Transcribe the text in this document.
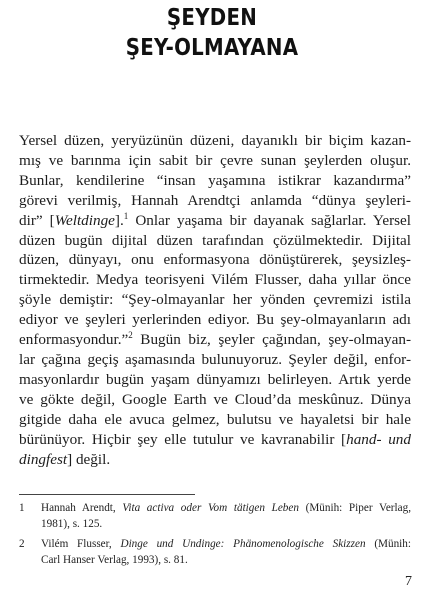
ŞEYDEN
ŞEY-OLMAYANA
Yersel düzen, yeryüzünün düzeni, dayanıklı bir biçim kazan-
mış ve barınma için sabit bir çevre sunan şeylerden oluşur.
Bunlar, kendilerine “insan yaşamına istikrar kazandırma”
görevi verilmiş, Hannah Arendtçi anlamda “dünya şeyleri-
dir” [Weltdinge].$^1$ Onlar yaşama bir dayanak sağlarlar. Yersel
düzen bugün dijital düzen tarafından çözülmektedir. Dijital
düzen, dünyayı, onu enformasyona dönüştürerek, şeysizleş-
tirmektedir. Medya teorisyeni Vilém Flusser, daha yıllar önce
şöyle demiştir: “Şey-olmayanlar her yönden çevremizi istila
ediyor ve şeyleri yerlerinden ediyor. Bu şey-olmayanların adı
enformasyondur.”$^2$ Bugün biz, şeyler çağından, şey-olmayan-
lar çağına geçiş aşamasında bulunuyoruz. Şeyler değil, enfor-
masyonlardır bugün yaşam dünyamızı belirleyen. Artık yerde
ve gökte değil, Google Earth ve Cloud’da meskûnuz. Dünya
gitgide daha ele avuca gelmez, bulutsu ve hayaletsi bir hale
bürünüyor. Hiçbir şey elle tutulur ve kavranabilir [hand- und
dingfest] değil.
1 Hannah Arendt, Vita activa oder Vom tätigen Leben (Münih: Piper Verlag,
1981), s. 125.
2 Vilém Flusser, Dinge und Undinge: Phänomenologische Skizzen (Münih:
Carl Hanser Verlag, 1993), s. 81.
7
